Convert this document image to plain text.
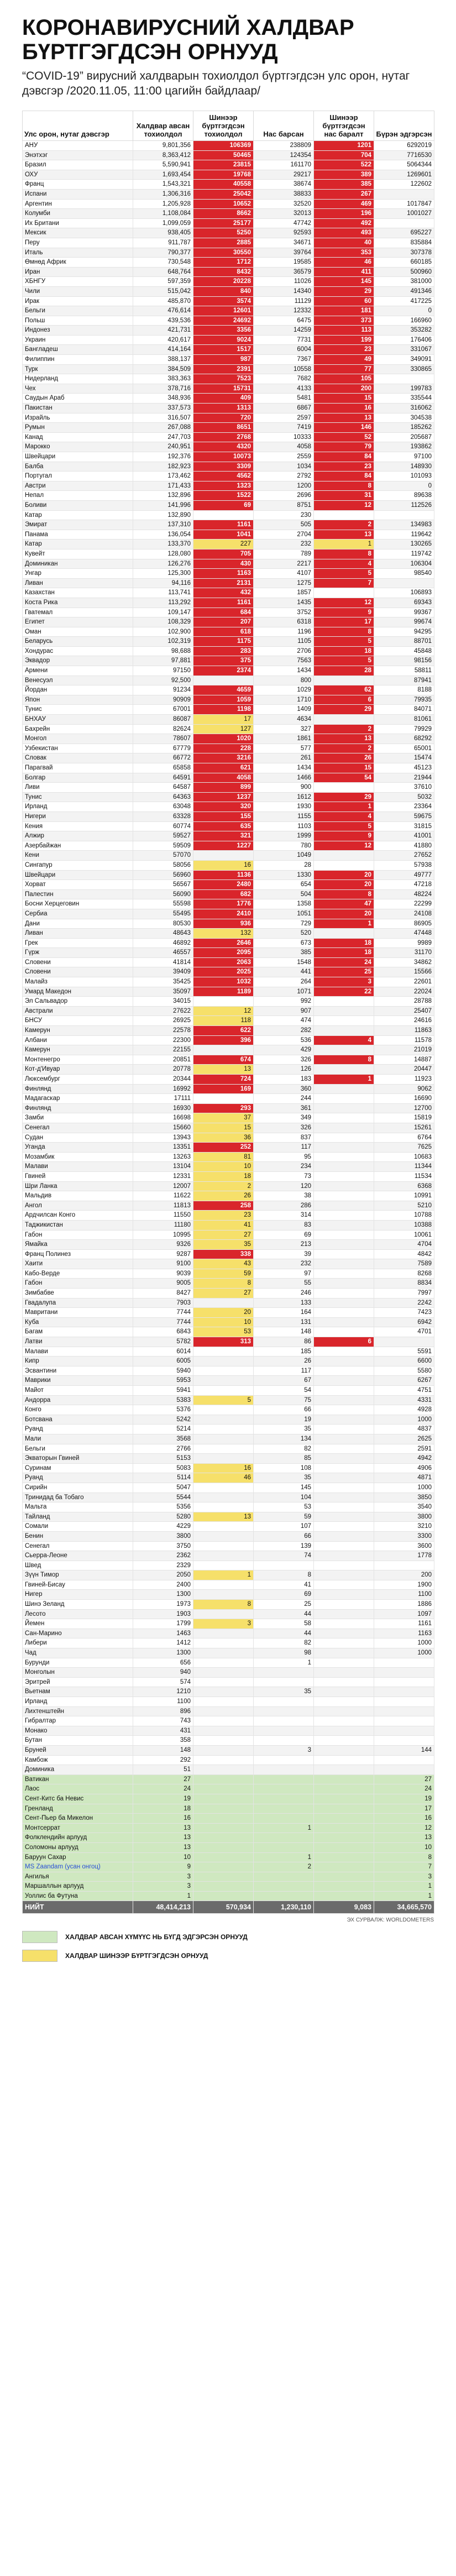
КОРОНАВИРУСНИЙ ХАЛДВАР БҮРТГЭГДСЭН ОРНУУД
“COVID-19” вирусний халдварын тохиолдол бүртгэгдсэн улс орон, нутаг дэвсгэр /2020.11.05, 11:00 цагийн байдлаар/
Улс орон, нутаг дэвсгэр	Халдвар авсан тохиолдол	Шинээр бүртгэгдсэн тохиолдол	Нас барсан	Шинээр бүртгэгдсэн нас баралт	Бүрэн эдгэрсэн
АНУ	9,801,356	106369	238809	1201	6292019
Энэтхэг	8,363,412	50465	124354	704	7716530
Бразил	5,590,941	23815	161170	522	5064344
ОХУ	1,693,454	19768	29217	389	1269601
Франц	1,543,321	40558	38674	385	122602
Испани	1,306,316	25042	38833	267	
Аргентин	1,205,928	10652	32520	469	1017847
Колумби	1,108,084	8662	32013	196	1001027
Их Британи	1,099,059	25177	47742	492	
Мексик	938,405	5250	92593	493	695227
Перу	911,787	2885	34671	40	835884
Италь	790,377	30550	39764	353	307378
Өмнөд Африк	730,548	1712	19585	46	660185
Иран	648,764	8432	36579	411	500960
ХБНГУ	597,359	20228	11026	145	381000
Чили	515,042	840	14340	29	491346
Ирак	485,870	3574	11129	60	417225
Бельги	476,614	12601	12332	181	0
Польш	439,536	24692	6475	373	166960
Индонез	421,731	3356	14259	113	353282
Украин	420,617	9024	7731	199	176406
Бангладеш	414,164	1517	6004	23	331067
Филиппин	388,137	987	7367	49	349091
Турк	384,509	2391	10558	77	330865
Нидерланд	383,363	7523	7682	105	
Чех	378,716	15731	4133	200	199783
Саудын Араб	348,936	409	5481	15	335544
Пакистан	337,573	1313	6867	16	316062
Израйль	316,507	720	2597	13	304538
Румын	267,088	8651	7419	146	185262
Канад	247,703	2768	10333	52	205687
Марокко	240,951	4320	4058	79	193862
Швейцари	192,376	10073	2559	84	97100
Балба	182,923	3309	1034	23	148930
Португал	173,462	4562	2792	84	101093
Австри	171,433	1323	1200	8	0
Непал	132,896	1522	2696	31	89638
Боливи	141,996	69	8751	12	112526
Катар	132,890		230		
Эмират	137,310	1161	505	2	134983
Панама	136,054	1041	2704	13	119642
Катар	133,370	227	232	1	130265
Кувейт	128,080	705	789	8	119742
Доминикан	126,276	430	2217	4	106304
Унгар	125,300	1163	4107	5	98540
Ливан	94,116	2131	1275	7	
Казахстан	113,741	432	1857		106893
Коста Рика	113,292	1161	1435	12	69343
Гватемал	109,147	684	3752	9	99367
Египет	108,329	207	6318	17	99674
Оман	102,900	618	1196	8	94295
Беларусь	102,319	1175	1105	5	88701
Хондурас	98,688	283	2706	18	45848
Эквадор	97,881	375	7563	5	98156
Армени	97150	2374	1434	28	58811
Венесуэл	92,500		800		87941
Йордан	91234	4659	1029	62	8188
Япон	90909	1059	1710	6	79935
Тунис	67001	1198	1409	29	84071
БНХАУ	86087	17	4634		81061
Бахрейн	82624	127	327	2	79929
Монгол	78607	1020	1861	13	68292
Узбекистан	67779	228	577	2	65001
Словак	66772	3216	261	26	15474
Парагвай	65858	621	1434	15	45123
Болгар	64591	4058	1466	54	21944
Ливи	64587	899	900		37610
Тунис	64363	1237	1612	29	5032
Ирланд	63048	320	1930	1	23364
Нигери	63328	155	1155	4	59675
Кения	60774	635	1103	5	31815
Алжир	59527	321	1999	9	41001
Азербайжан	59509	1227	780	12	41880
Кени	57070		1049		27652
Сингапур	58056	16	28		57938
Швейцари	56960	1136	1330	20	49777
Хорват	56567	2480	654	20	47218
Палестин	56090	682	504	8	48224
Босни Херцеговин	55598	1776	1358	47	22299
Сербиа	55495	2410	1051	20	24108
Дани	80530	936	729	1	86905
Ливан	48643	132	520		47448
Грек	46892	2646	673	18	9989
Гүрж	46557	2095	385	18	31170
Словени	41814	2063	1548	24	34862
Словени	39409	2025	441	25	15566
Малайз	35425	1032	264	3	22601
Умард Македон	35097	1189	1071	22	22024
Эл Сальвадор	34015		992		28788
Австрали	27622	12	907		25407
БНСУ	26925	118	474		24616
Камерун	22578	622	282		11863
Албани	22300	396	536	4	11578
Камерун	22155		429		21019
Монтенегро	20851	674	326	8	14887
Кот-д'Ивуар	20778	13	126		20447
Люксембург	20344	724	183	1	11923
Финлянд	16992	169	360		9062
Мадагаскар	17111		244		16690
Финлянд	16930	293	361		12700
Замби	16698	37	349		15819
Сенегал	15660	15	326		15261
Судан	13943	36	837		6764
Уганда	13351	252	117		7625
Мозамбик	13263	81	95		10683
Малави	13104	10	234		11344
Гвиней	12331	18	73		11534
Шри Ланка	12007	2	120		6368
Мальдив	11622	26	38		10991
Ангол	11813	258	286		5210
Ардчилсан Конго	11550	23	314		10788
Таджикистан	11180	41	83		10388
Габон	10995	27	69		10061
Ямайка	9326	35	213		4704
Франц Полинез	9287	338	39		4842
Хаити	9100	43	232		7589
Кабо-Верде	9039	59	97		8268
Габон	9005	8	55		8834
Зимбабве	8427	27	246		7997
Гвадалупа	7903		133		2242
Мавритани	7744	20	164		7423
Куба	7744	10	131		6942
Багам	6843	53	148		4701
Латви	5782	313	86	6	
Малави	6014		185		5591
Кипр	6005		26		6600
Эсвантини	5940		117		5580
Маврики	5953		67		6267
Майот	5941		54		4751
Андорра	5383	5	75		4331
Конго	5376		66		4928
Ботсвана	5242		19		1000
Руанд	5214		35		4837
Мали	3568		134		2625
Бельги	2766		82		2591
Экваторын Гвиней	5153		85		4942
Суринам	5083	16	108		4906
Руанд	5114	46	35		4871
Сирийн	5047		145		1000
Тринидад ба Тобаго	5544		104		3850
Мальта	5356		53		3540
Тайланд	5280	13	59		3800
Сомали	4229		107		3210
Бенин	3800		66		3300
Сенегал	3750		139		3600
Сьерра-Леоне	2362		74		1778
Швед	2329				
Зүүн Тимор	2050	1	8		200
Гвиней-Бисау	2400		41		1900
Нигер	1300		69		1100
Шинэ Зеланд	1973	8	25		1886
Лесото	1903		44		1097
Йемен	1799	3	58		1161
Сан-Марино	1463		44		1163
Либери	1412		82		1000
Чад	1300		98		1000
Бурунди	656		1		
Монголын	940				
Эритрей	574				
Вьетнам	1210		35		
Ирланд	1100				
Лихтенштейн	896				
Гибралтар	743				
Монако	431				
Бутан	358				
Бруней	148		3		144
Камбож	292				
Доминика	51				
Ватикан	27				27
Лаос	24				24
Сент-Китс ба Невис	19				19
Гренланд	18				17
Сент-Пьер ба Микелон	16				16
Монтсеррат	13		1		12
Фолклендийн арлууд	13				13
Соломоны арлууд	13				10
Баруун Сахар	10		1		8
MS Zaandam (усан онгоц)	9		2		7
Ангилья	3				3
Маршаллын арлууд	3				1
Уоллис ба Футуна	1				1
НИЙТ	48,414,213	570,934	1,230,110	9,083	34,665,570
ЭХ СУРВАЛЖ: WORLDOMETERS
ХАЛДВАР АВСАН ХҮМҮҮС НЬ БҮГД ЭДГЭРСЭН ОРНУУД
ХАЛДВАР ШИНЭЭР БҮРТГЭГДСЭН ОРНУУД
